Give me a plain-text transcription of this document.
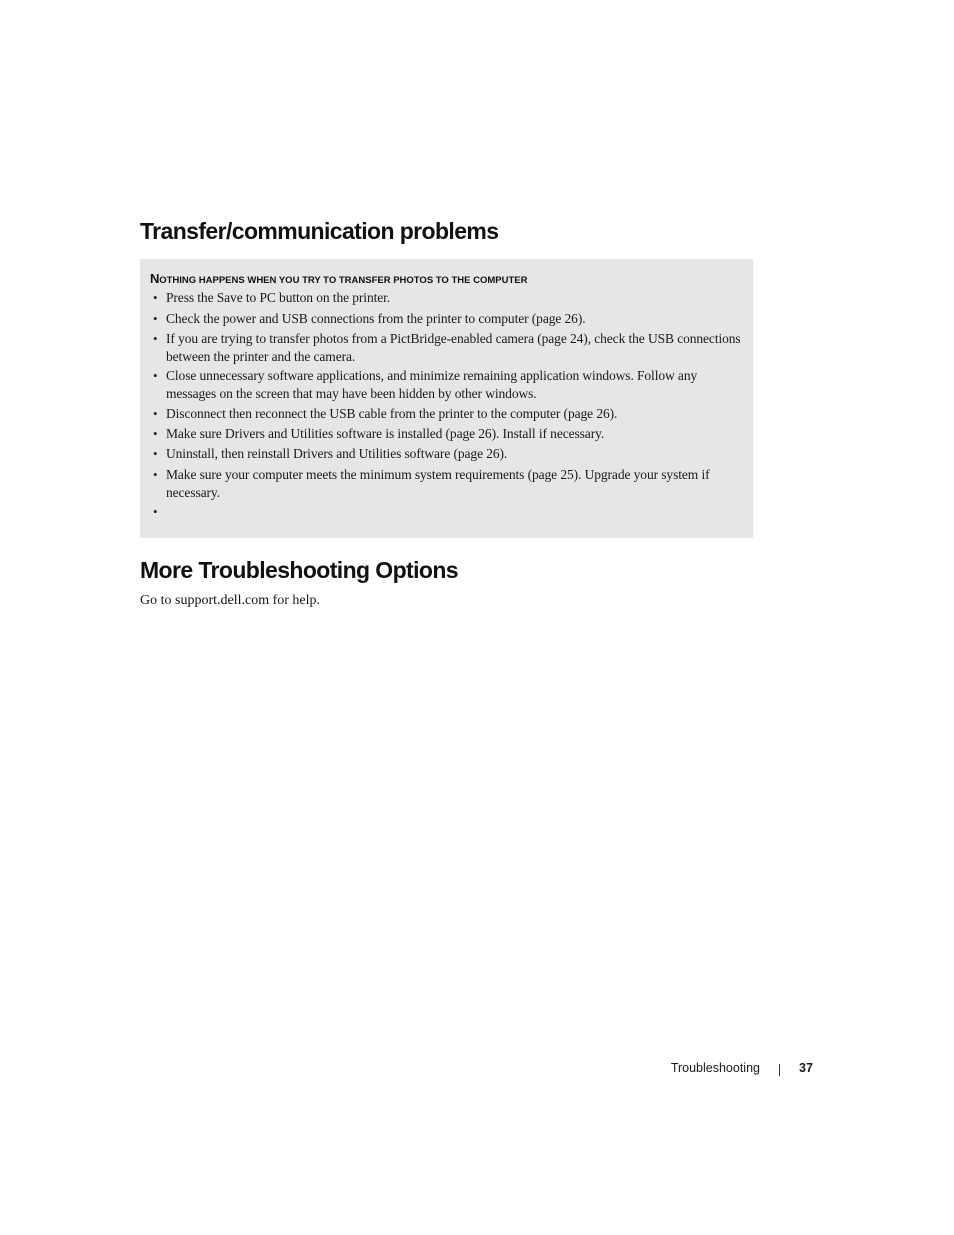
Transfer/communication problems
NOTHING HAPPENS WHEN YOU TRY TO TRANSFER PHOTOS TO THE COMPUTER
• Press the Save to PC button on the printer.
• Check the power and USB connections from the printer to computer (page 26).
• If you are trying to transfer photos from a PictBridge-enabled camera (page 24), check the USB connections between the printer and the camera.
• Close unnecessary software applications, and minimize remaining application windows. Follow any messages on the screen that may have been hidden by other windows.
• Disconnect then reconnect the USB cable from the printer to the computer (page 26).
• Make sure Drivers and Utilities software is installed (page 26). Install if necessary.
• Uninstall, then reinstall Drivers and Utilities software (page 26).
• Make sure your computer meets the minimum system requirements (page 25). Upgrade your system if necessary.
•
More Troubleshooting Options

Go to support.dell.com for help.

Troubleshooting	37
